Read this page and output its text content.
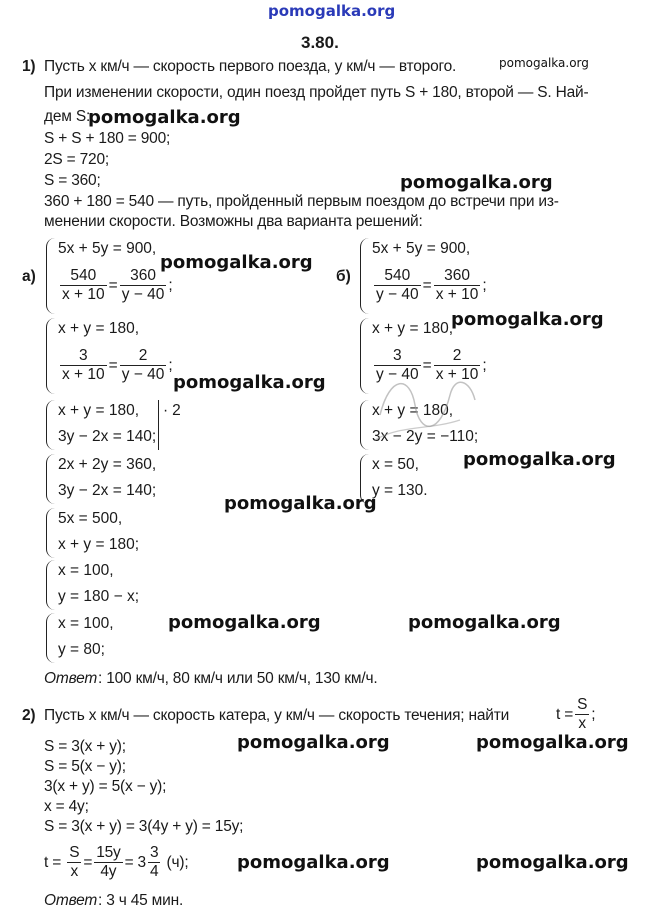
pomogalka.org
pomogalka.org
pomogalka.org
pomogalka.org
pomogalka.org
pomogalka.org
pomogalka.org
pomogalka.org
pomogalka.org
pomogalka.org	pomogalka.org
pomogalka.org	pomogalka.org
pomogalka.org	pomogalka.org
3.80.
1) Пусть x км/ч — скорость первого поезда, y км/ч — второго.
При изменении скорости, один поезд пройдет путь S + 180, второй — S. Най-
дем S:
S + S + 180 = 900;
2S = 720;
S = 360;
360 + 180 = 540 — путь, пройденный первым поездом до встречи при из-
менении скорости. Возможны два варианта решений:
а)	б)
5x + 5y = 900,
$\frac{540}{x + 10} = \frac{360}{y - 40}$ ;
x + y = 180,
$\frac{3}{x + 10} = \frac{2}{y - 40}$ ;
x + y = 180,
3y − 2x = 140;
· 2
2x + 2y = 360,
3y − 2x = 140;
5x = 500,
x + y = 180;
x = 100,
y = 180 − x;
x = 100,
y = 80;
5x + 5y = 900,
$\frac{540}{y - 40} = \frac{360}{x + 10}$ ;
x + y = 180,
$\frac{3}{y - 40} = \frac{2}{x + 10}$ ;
x + y = 180,
3x − 2y = −110;
x = 50,
y = 130.
Ответ : 100 км/ч, 80 км/ч или 50 км/ч, 130 км/ч.
2) Пусть x км/ч — скорость катера, y км/ч — скорость течения; найти	$t = \frac{S}{x}$ ;
S = 3(x + y);
S = 5(x − y);
3(x + y) = 5(x − y);
x = 4y;
S = 3(x + y) = 3(4y + y) = 15y;
$t = \frac{S}{x} = \frac{15y}{4y} = 3 \frac{3}{4} (ч)$;
Ответ : 3 ч 45 мин.
